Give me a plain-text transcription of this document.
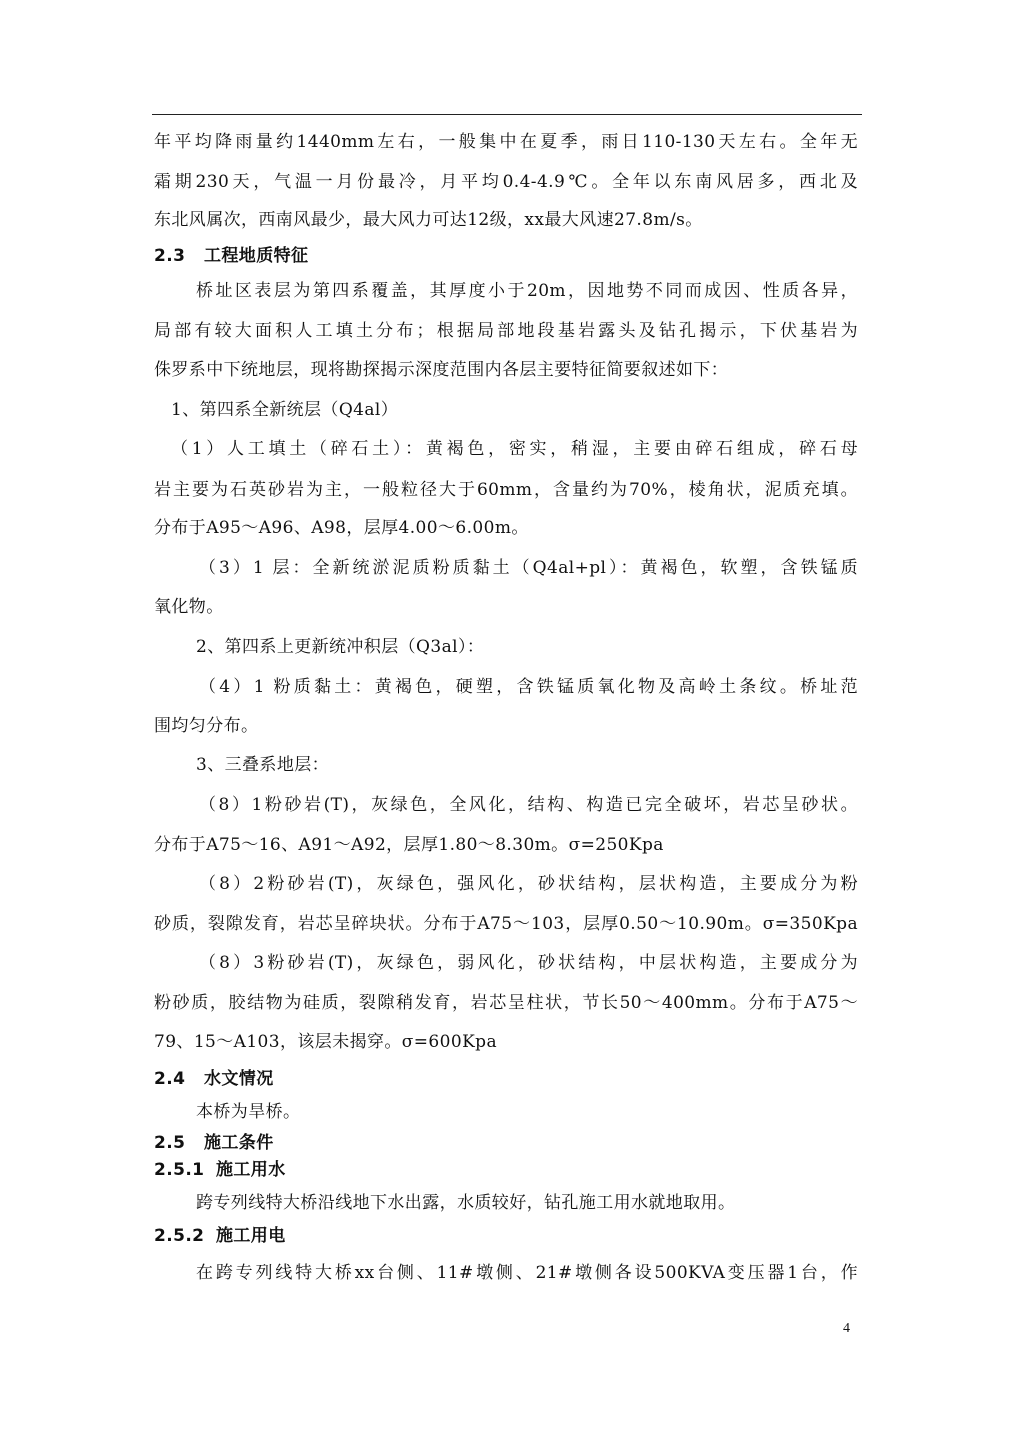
年平均降雨量约1440mm左右，一般集中在夏季，雨日110-130天左右。全年无
霜期230天，气温一月份最冷，月平均0.4-4.9℃。全年以东南风居多，西北及
东北风属次，西南风最少，最大风力可达12级，xx最大风速27.8m/s。
2.3 工程地质特征
桥址区表层为第四系覆盖，其厚度小于20m，因地势不同而成因、性质各异，
局部有较大面积人工填土分布；根据局部地段基岩露头及钻孔揭示，下伏基岩为
侏罗系中下统地层，现将勘探揭示深度范围内各层主要特征简要叙述如下：
1、第四系全新统层（Q4al）
（1）人工填土（碎石土）：黄褐色，密实，稍湿，主要由碎石组成，碎石母
岩主要为石英砂岩为主，一般粒径大于60mm，含量约为70%，棱角状，泥质充填。
分布于A95～A96、A98，层厚4.00～6.00m。
（3）1 层：全新统淤泥质粉质黏土（Q4al+pl）：黄褐色，软塑，含铁锰质
氧化物。
2、第四系上更新统冲积层（Q3al）：
（4）1 粉质黏土：黄褐色，硬塑，含铁锰质氧化物及高岭土条纹。桥址范
围均匀分布。
3、三叠系地层：
（8）1粉砂岩(T)，灰绿色，全风化，结构、构造已完全破坏，岩芯呈砂状。
分布于A75～16、A91～A92，层厚1.80～8.30m。σ=250Kpa
（8）2粉砂岩(T)，灰绿色，强风化，砂状结构，层状构造，主要成分为粉
砂质，裂隙发育，岩芯呈碎块状。分布于A75～103，层厚0.50～10.90m。σ=350Kpa
（8）3粉砂岩(T)，灰绿色，弱风化，砂状结构，中层状构造，主要成分为
粉砂质，胶结物为硅质，裂隙稍发育，岩芯呈柱状，节长50～400mm。分布于A75～
79、15～A103，该层未揭穿。σ=600Kpa
2.4 水文情况
本桥为旱桥。
2.5 施工条件
2.5.1 施工用水
跨专列线特大桥沿线地下水出露，水质较好，钻孔施工用水就地取用。
2.5.2 施工用电
在跨专列线特大桥xx台侧、11#墩侧、21#墩侧各设500KVA变压器1台，作
4
